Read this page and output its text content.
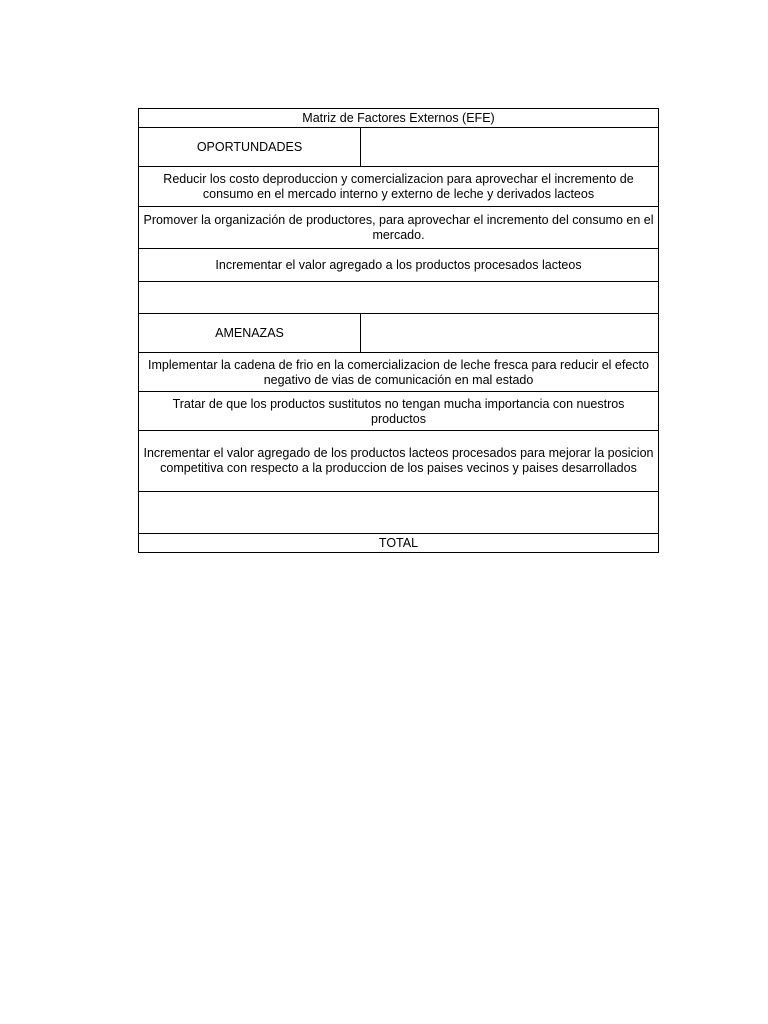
Matriz de Factores Externos (EFE)
OPORTUNDADES
Reducir los costo deproduccion y comercializacion para aprovechar el incremento de consumo en el mercado interno y externo de leche y derivados lacteos
Promover la organización de productores, para aprovechar el incremento del consumo en el mercado.
Incrementar el valor agregado a los productos procesados lacteos
AMENAZAS
Implementar la cadena de frio en la comercializacion de leche fresca para reducir el efecto negativo de vias de comunicación en mal estado
Tratar de que los productos sustitutos no tengan mucha importancia con nuestros productos
Incrementar el valor agregado de los productos lacteos procesados para mejorar la posicion competitiva con respecto a la produccion de los paises vecinos y paises desarrollados
TOTAL
